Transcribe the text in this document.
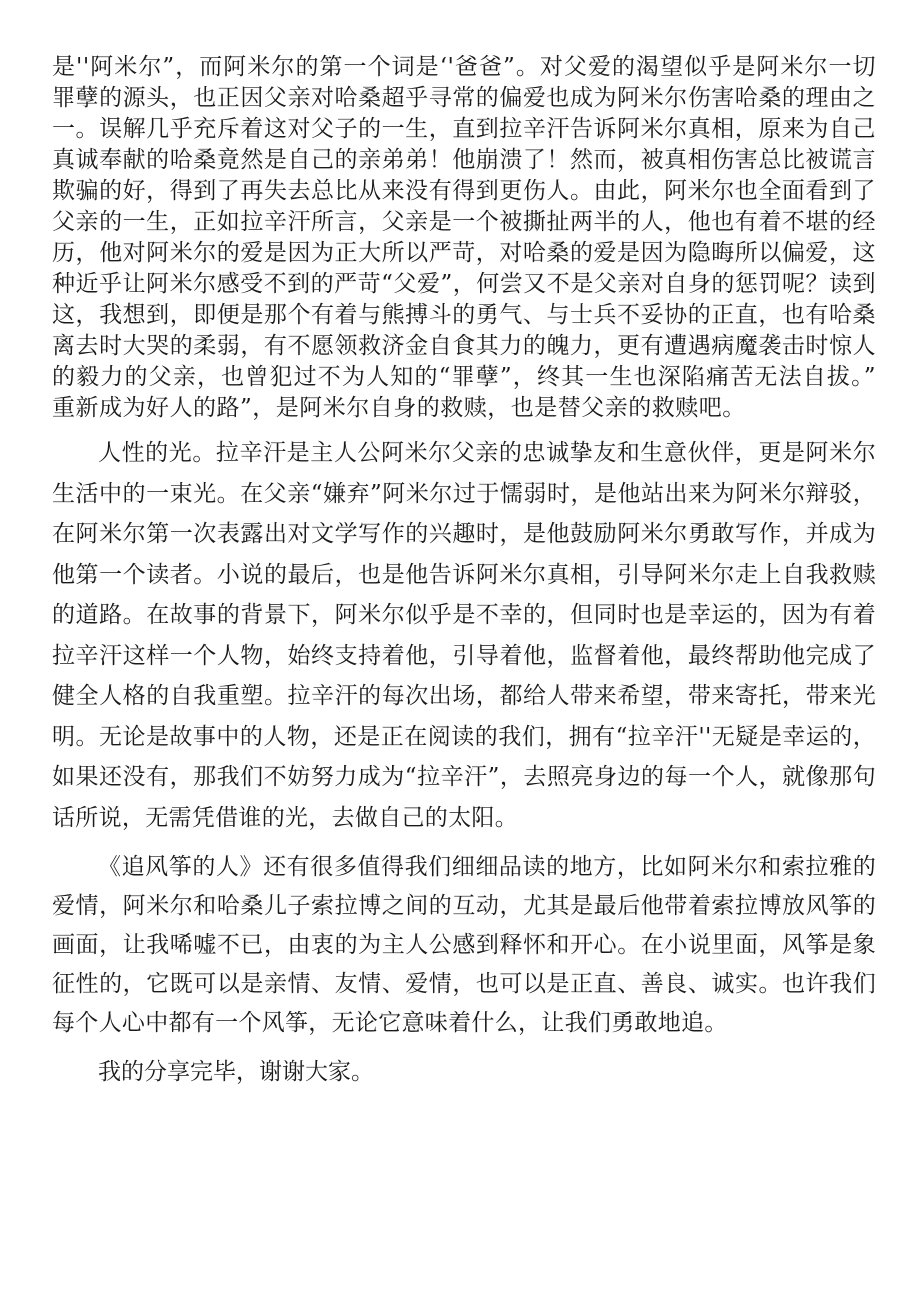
是''阿米尔”，而阿米尔的第一个词是‘'爸爸”。对父爱的渴望似乎是阿米尔一切罪孽的源头，也正因父亲对哈桑超乎寻常的偏爱也成为阿米尔伤害哈桑的理由之一。误解几乎充斥着这对父子的一生，直到拉辛汗告诉阿米尔真相，原来为自己真诚奉献的哈桑竟然是自己的亲弟弟！他崩溃了！然而，被真相伤害总比被谎言欺骗的好，得到了再失去总比从来没有得到更伤人。由此，阿米尔也全面看到了父亲的一生，正如拉辛汗所言，父亲是一个被撕扯两半的人，他也有着不堪的经历，他对阿米尔的爱是因为正大所以严苛，对哈桑的爱是因为隐晦所以偏爱，这种近乎让阿米尔感受不到的严苛“父爱”，何尝又不是父亲对自身的惩罚呢？读到这，我想到，即便是那个有着与熊搏斗的勇气、与士兵不妥协的正直，也有哈桑离去时大哭的柔弱，有不愿领救济金自食其力的魄力，更有遭遇病魔袭击时惊人的毅力的父亲，也曾犯过不为人知的“罪孽”，终其一生也深陷痛苦无法自拔。”重新成为好人的路”，是阿米尔自身的救赎，也是替父亲的救赎吧。

人性的光。拉辛汗是主人公阿米尔父亲的忠诚挚友和生意伙伴，更是阿米尔生活中的一束光。在父亲“嫌弃”阿米尔过于懦弱时，是他站出来为阿米尔辩驳，在阿米尔第一次表露出对文学写作的兴趣时，是他鼓励阿米尔勇敢写作，并成为他第一个读者。小说的最后，也是他告诉阿米尔真相，引导阿米尔走上自我救赎的道路。在故事的背景下，阿米尔似乎是不幸的，但同时也是幸运的，因为有着拉辛汗这样一个人物，始终支持着他，引导着他，监督着他，最终帮助他完成了健全人格的自我重塑。拉辛汗的每次出场，都给人带来希望，带来寄托，带来光明。无论是故事中的人物，还是正在阅读的我们，拥有“拉辛汗''无疑是幸运的，如果还没有，那我们不妨努力成为“拉辛汗”，去照亮身边的每一个人，就像那句话所说，无需凭借谁的光，去做自己的太阳。

《追风筝的人》还有很多值得我们细细品读的地方，比如阿米尔和索拉雅的爱情，阿米尔和哈桑儿子索拉博之间的互动，尤其是最后他带着索拉博放风筝的画面，让我唏嘘不已，由衷的为主人公感到释怀和开心。在小说里面，风筝是象征性的，它既可以是亲情、友情、爱情，也可以是正直、善良、诚实。也许我们每个人心中都有一个风筝，无论它意味着什么，让我们勇敢地追。

我的分享完毕，谢谢大家。
